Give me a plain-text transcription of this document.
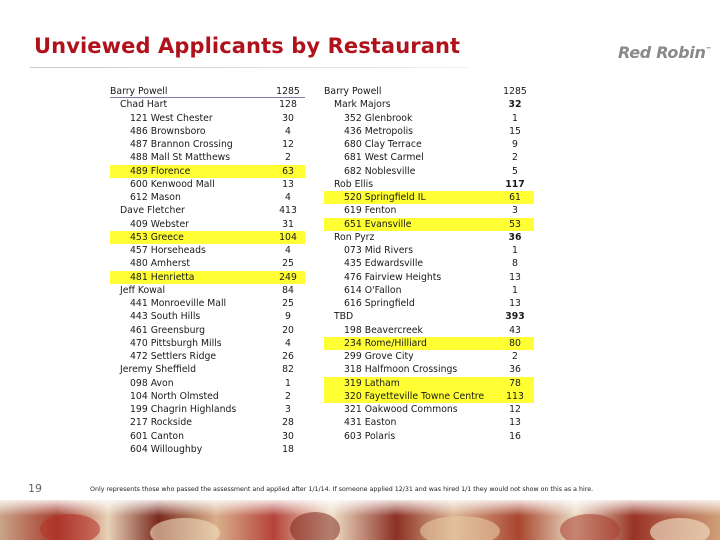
Unviewed Applicants by Restaurant	Red Robin™
Barry Powell	1285
Chad Hart	128
121 West Chester	30
486 Brownsboro	4
487 Brannon Crossing	12
488 Mall St Matthews	2
489 Florence	63
600 Kenwood Mall	13
612 Mason	4
Dave Fletcher	413
409 Webster	31
453 Greece	104
457 Horseheads	4
480 Amherst	25
481 Henrietta	249
Jeff Kowal	84
441 Monroeville Mall	25
443 South Hills	9
461 Greensburg	20
470 Pittsburgh Mills	4
472 Settlers Ridge	26
Jeremy Sheffield	82
098 Avon	1
104 North Olmsted	2
199 Chagrin Highlands	3
217 Rockside	28
601 Canton	30
604 Willoughby	18
Barry Powell	1285
Mark Majors	32
352 Glenbrook	1
436 Metropolis	15
680 Clay Terrace	9
681 West Carmel	2
682 Noblesville	5
Rob Ellis	117
520 Springfield IL	61
619 Fenton	3
651 Evansville	53
Ron Pyrz	36
073 Mid Rivers	1
435 Edwardsville	8
476 Fairview Heights	13
614 O'Fallon	1
616 Springfield	13
TBD	393
198 Beavercreek	43
234 Rome/Hilliard	80
299 Grove City	2
318 Halfmoon Crossings	36
319 Latham	78
320 Fayetteville Towne Centre	113
321 Oakwood Commons	12
431 Easton	13
603 Polaris	16
19	Only represents those who passed the assessment and applied after 1/1/14. If someone applied 12/31 and was hired 1/1 they would not show on this as a hire.
